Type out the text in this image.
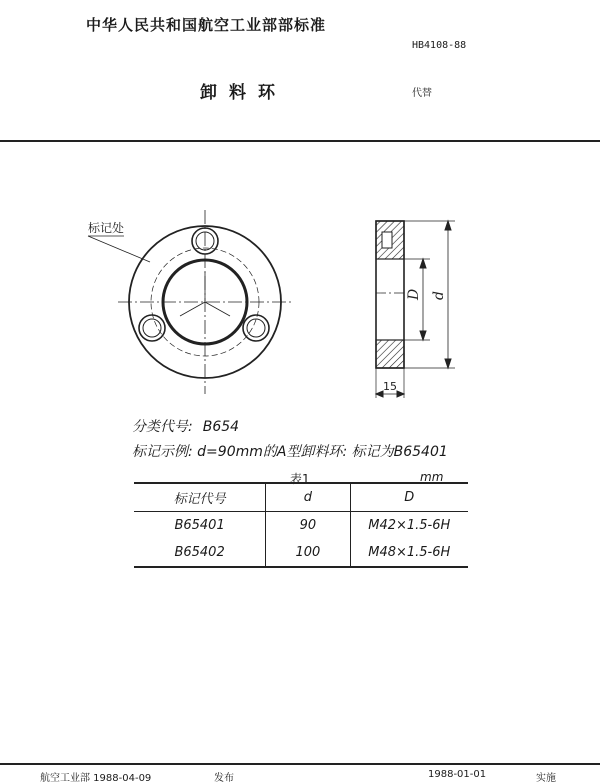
中华人民共和国航空工业部部标准
HB4108-88
卸料环	代替
标记处
D d
15
分类代号: B654
标记示例: d=90mm的A型卸料环: 标记为B65401
表1	mm
标记代号	d	D
B65401	90	M42×1.5-6H
B65402	100	M48×1.5-6H
航空工业部 1988-04-09	发布	1988-01-01	实施
